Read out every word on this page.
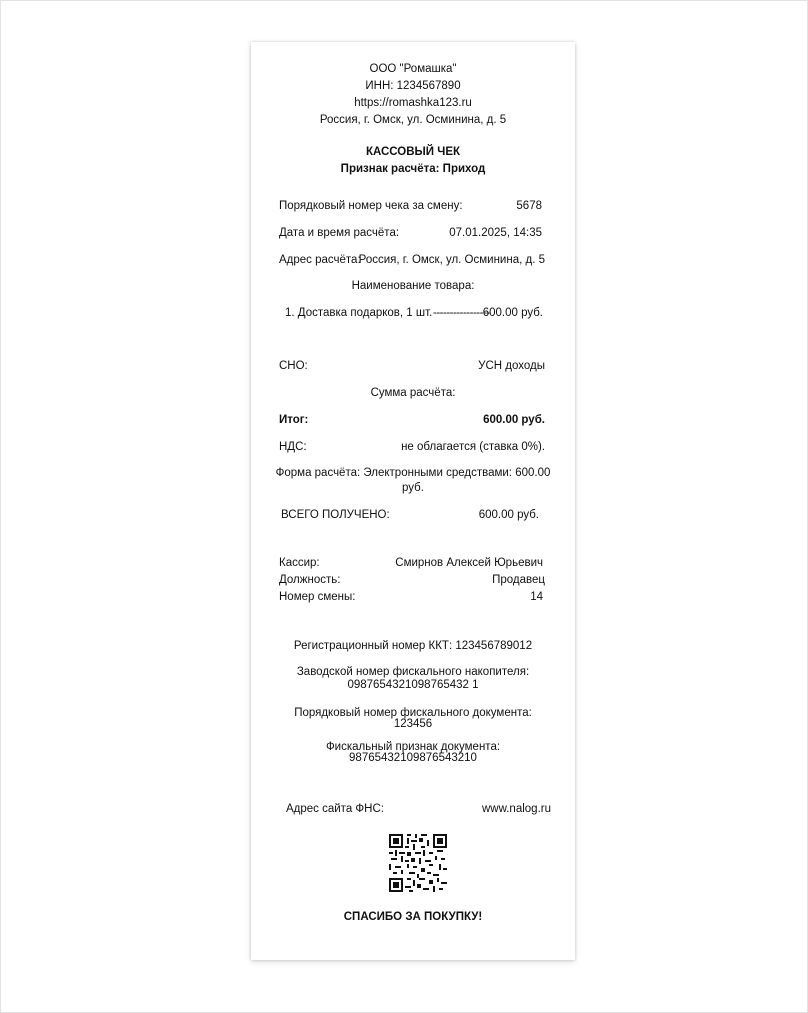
ООО "Ромашка"
ИНН: 1234567890
https://romashka123.ru
Россия, г. Омск, ул. Осминина, д. 5
КАССОВЫЙ ЧЕК
Признак расчёта: Приход
Порядковый номер чека за смену:	5678
Дата и время расчёта:	07.01.2025, 14:35
Адрес расчёта:
Россия, г. Омск, ул. Осминина, д. 5
Наименование товара:
1. Доставка подарков, 1 шт. -----------------
600.00 руб.
СНО:	УСН доходы
Сумма расчёта:
Итог:	600.00 руб.
НДС:	не облагается (ставка 0%).
Форма расчёта: Электронными средствами: 600.00
руб.
ВСЕГО ПОЛУЧЕНО:	600.00 руб.
Кассир:	Смирнов Алексей Юрьевич
Должность:	Продавец
Номер смены:	14
Регистрационный номер ККТ: 123456789012
Заводской номер фискального накопителя:
0987654321098765432 1
Порядковый номер фискального документа:
123456
Фискальный признак документа:
98765432109876543210
Адрес сайта ФНС:	www.nalog.ru
СПАСИБО ЗА ПОКУПКУ!
